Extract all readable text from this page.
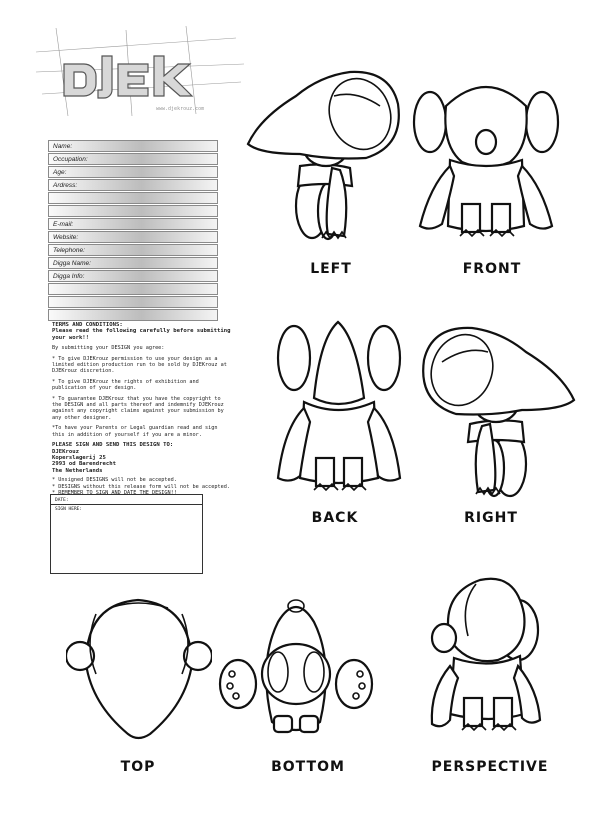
www.djekrouz.com
Name:
Occupation:
Age:
Ardress:
E-mail:
Website:
Telephone:
Digga Name:
Digga Info:
TERMS AND CONDITIONS:

Please read the following carefully before submitting your work!!

By submitting your DESIGN you agree:

* To give DJEKrouz permission to use your design as a limited edition production run to be sold by DJEKrouz at DJEKrouz discretion.

* To give DJEKrouz the rights of exhibition and publication of your design.

* To guarantee DJEKrouz that you have the copyright to the DESIGN and all parts thereof and indemnify DJEKrouz against any copyright claims against your submission by any other designer.

*To have your Parents or Legal guardian read and sign this in addition of yourself if you are a minor.

PLEASE SIGN AND SEND THIS DESIGN TO:
DJEKrouz
Koperslagerij 25
2993 od Barendrecht
The Netherlands
* Unsigned DESIGNS will not be accepted.
* DESIGNS without this release form will not be accepted.
* REMEMBER TO SIGN AND DATE THE DESIGN!!
DATE:
SIGN HERE:
LEFT	FRONT
BACK	RIGHT
TOP	BOTTOM	PERSPECTIVE
